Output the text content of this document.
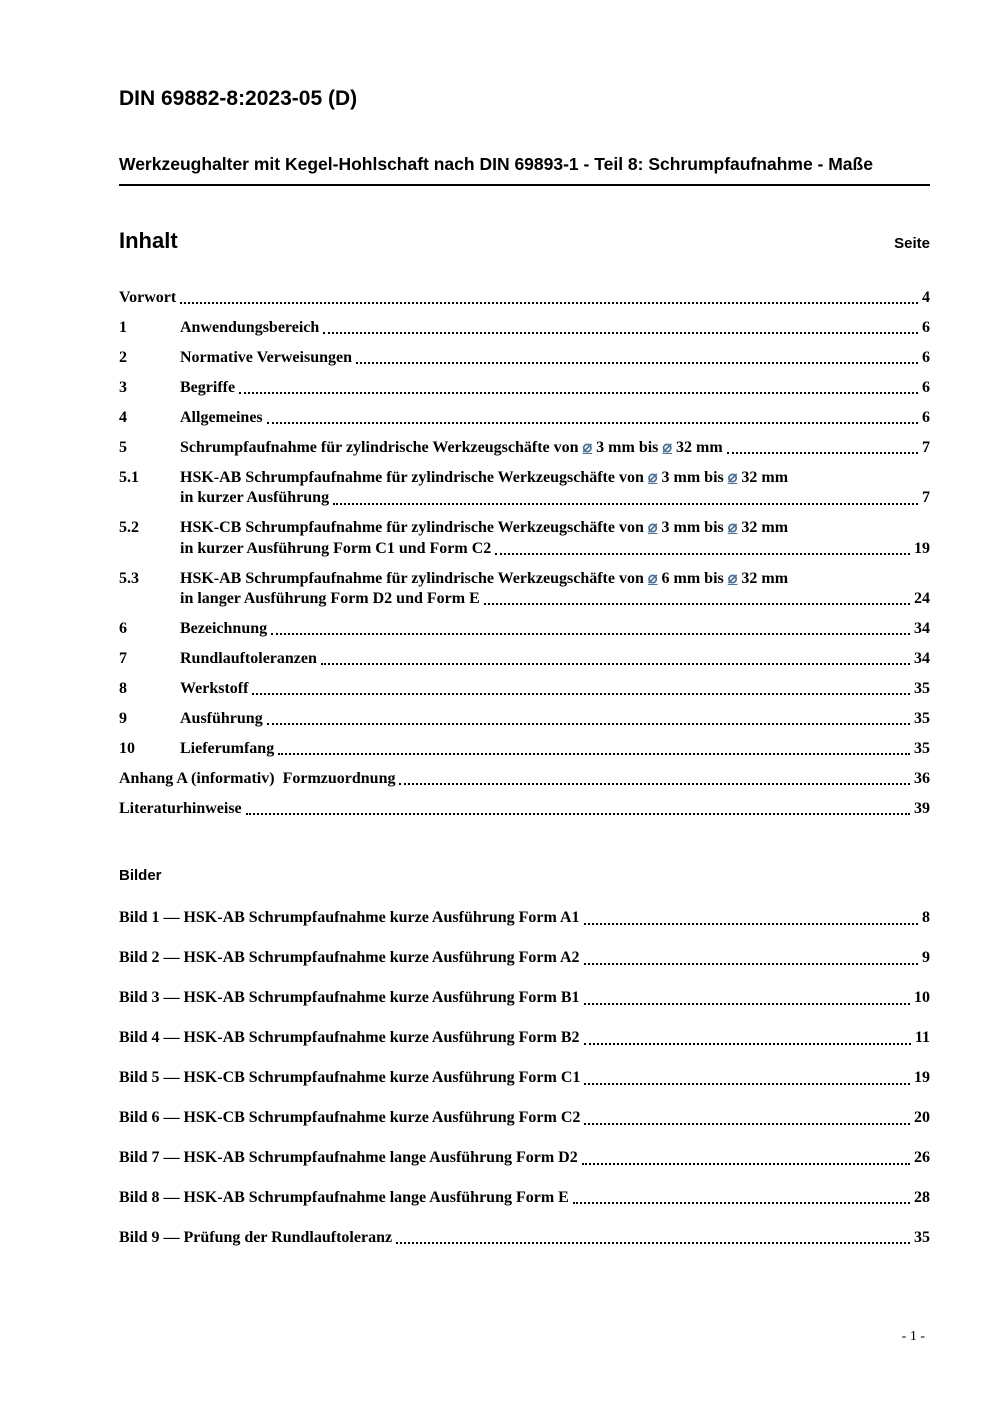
DIN 69882-8:2023-05 (D)
Werkzeughalter mit Kegel-Hohlschaft nach DIN 69893-1 - Teil 8: Schrumpfaufnahme - Maße
Inhalt	Seite
Vorwort	4
1	Anwendungsbereich	6
2	Normative Verweisungen	6
3	Begriffe	6
4	Allgemeines	6
5	Schrumpfaufnahme für zylindrische Werkzeugschäfte von ⌀ 3 mm bis ⌀ 32 mm	7
5.1	HSK-AB Schrumpfaufnahme für zylindrische Werkzeugschäfte von ⌀ 3 mm bis ⌀ 32 mm
in kurzer Ausführung	7
5.2	HSK-CB Schrumpfaufnahme für zylindrische Werkzeugschäfte von ⌀ 3 mm bis ⌀ 32 mm
in kurzer Ausführung Form C1 und Form C2	19
5.3	HSK-AB Schrumpfaufnahme für zylindrische Werkzeugschäfte von ⌀ 6 mm bis ⌀ 32 mm
in langer Ausführung Form D2 und Form E	24
6	Bezeichnung	34
7	Rundlauftoleranzen	34
8	Werkstoff	35
9	Ausführung	35
10	Lieferumfang	35
Anhang A (informativ)  Formzuordnung	36
Literaturhinweise	39
Bilder
Bild 1 — HSK-AB Schrumpfaufnahme kurze Ausführung Form A1	8
Bild 2 — HSK-AB Schrumpfaufnahme kurze Ausführung Form A2	9
Bild 3 — HSK-AB Schrumpfaufnahme kurze Ausführung Form B1	10
Bild 4 — HSK-AB Schrumpfaufnahme kurze Ausführung Form B2	11
Bild 5 — HSK-CB Schrumpfaufnahme kurze Ausführung Form C1	19
Bild 6 — HSK-CB Schrumpfaufnahme kurze Ausführung Form C2	20
Bild 7 — HSK-AB Schrumpfaufnahme lange Ausführung Form D2	26
Bild 8 — HSK-AB Schrumpfaufnahme lange Ausführung Form E	28
Bild 9 — Prüfung der Rundlauftoleranz	35
- 1 -
